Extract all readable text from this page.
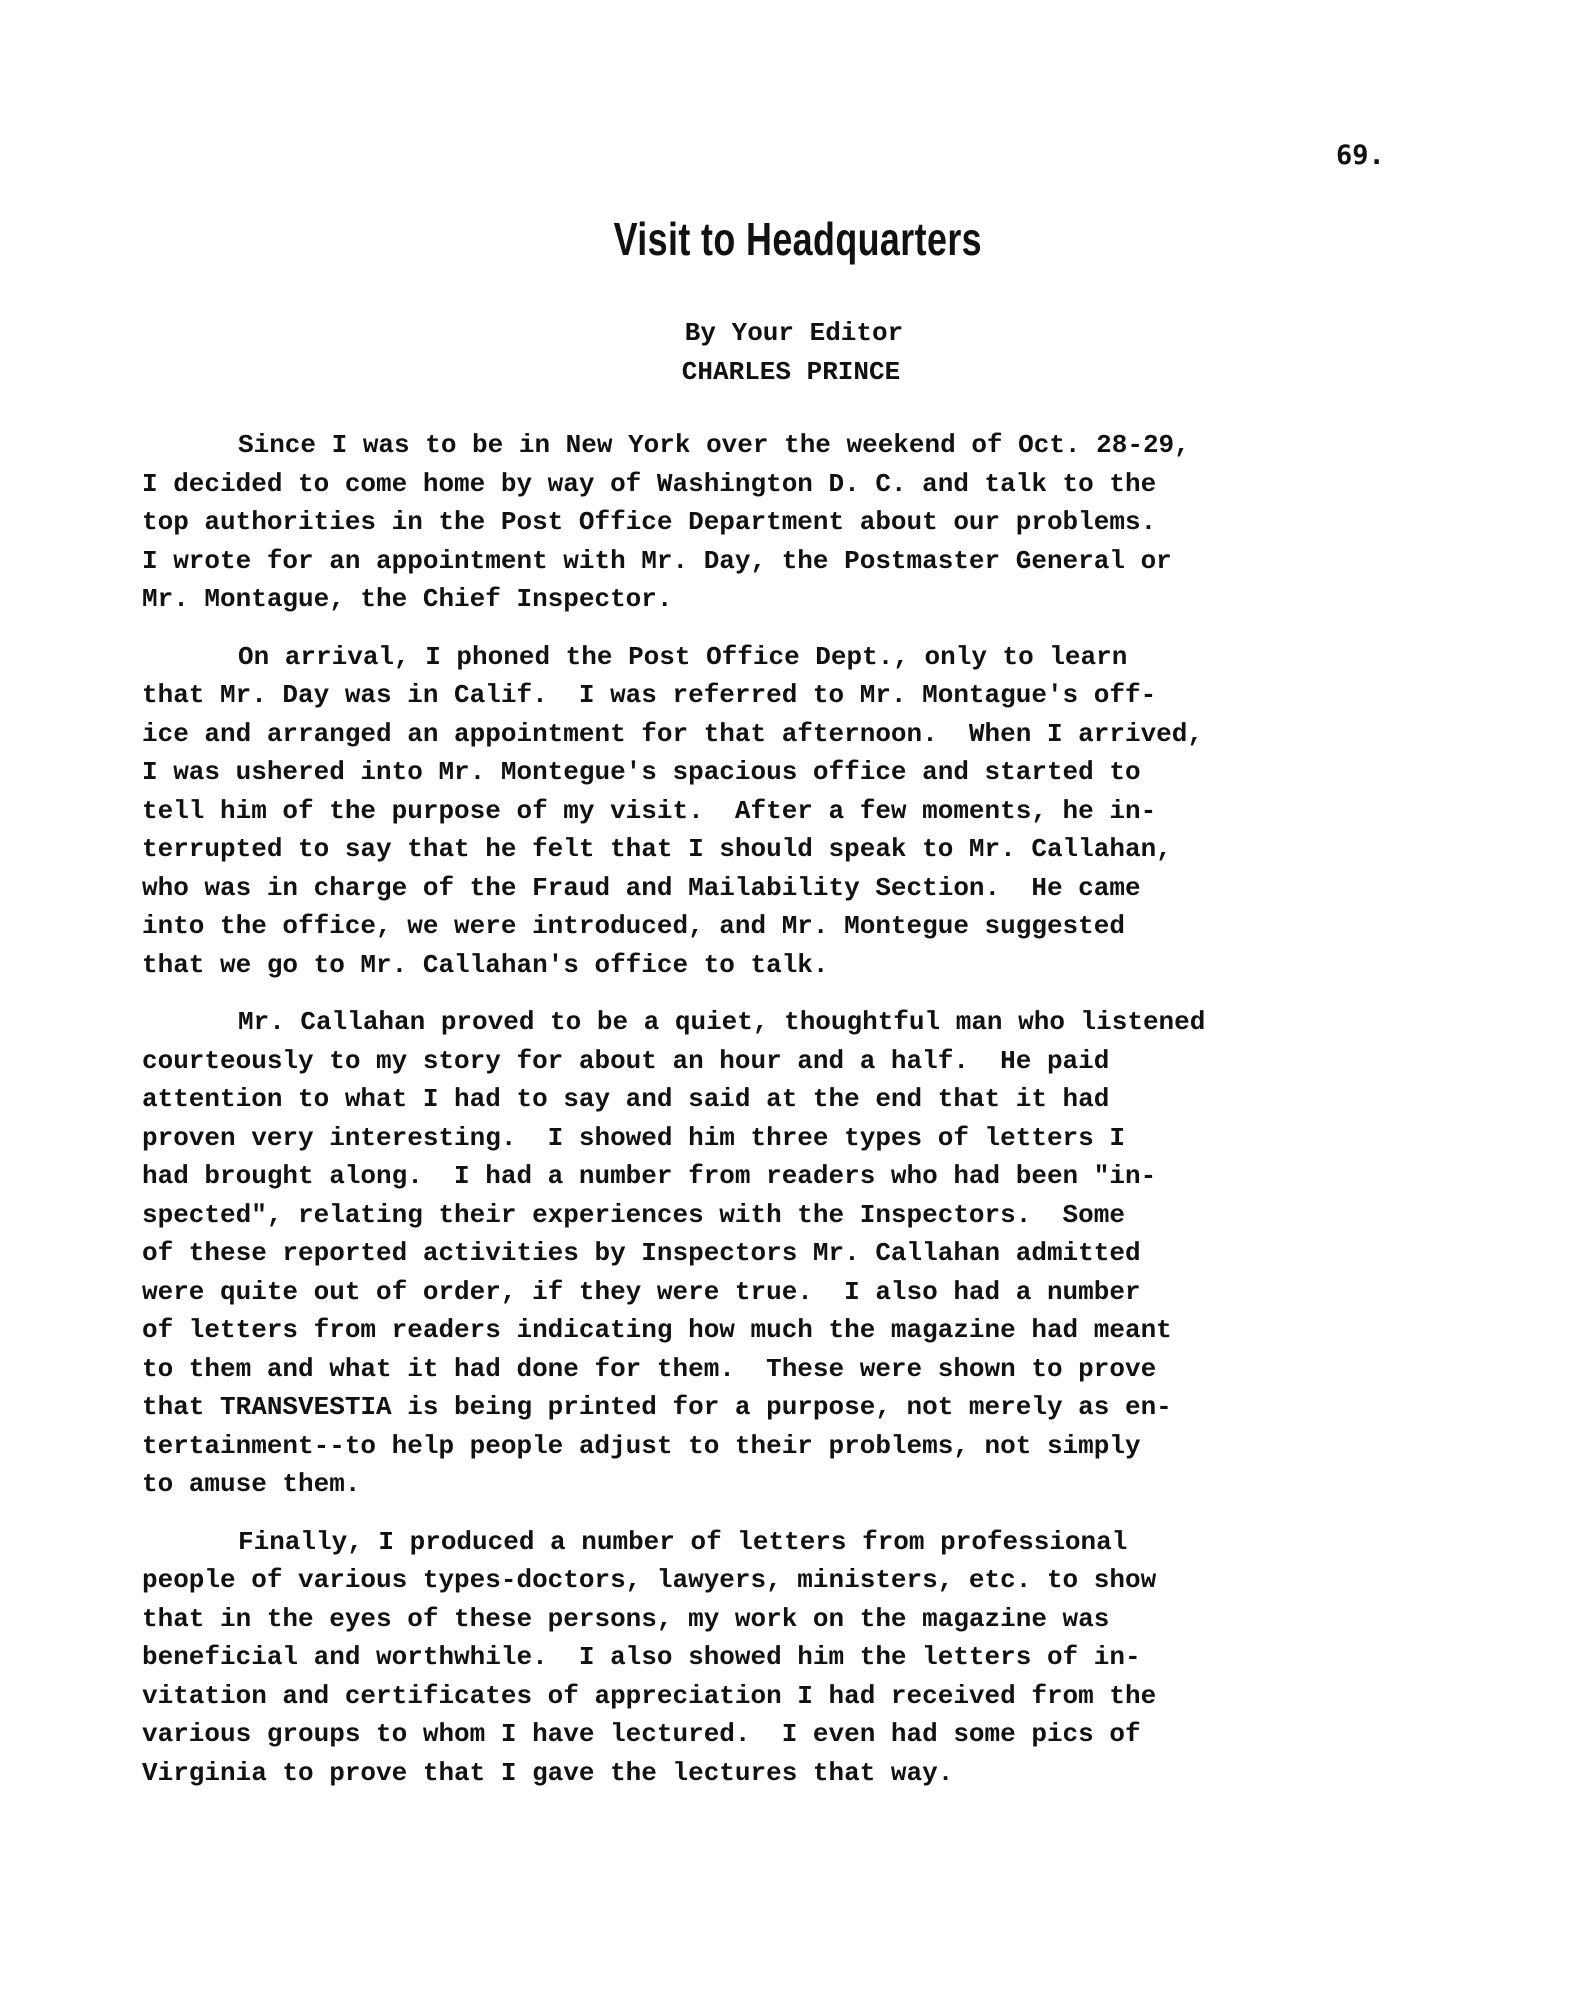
69.
Visit to Headquarters
By Your Editor
CHARLES PRINCE
Since I was to be in New York over the weekend of Oct. 28-29,
I decided to come home by way of Washington D. C. and talk to the
top authorities in the Post Office Department about our problems.
I wrote for an appointment with Mr. Day, the Postmaster General or
Mr. Montague, the Chief Inspector.
On arrival, I phoned the Post Office Dept., only to learn
that Mr. Day was in Calif.  I was referred to Mr. Montague's off-
ice and arranged an appointment for that afternoon.  When I arrived,
I was ushered into Mr. Montegue's spacious office and started to
tell him of the purpose of my visit.  After a few moments, he in-
terrupted to say that he felt that I should speak to Mr. Callahan,
who was in charge of the Fraud and Mailability Section.  He came
into the office, we were introduced, and Mr. Montegue suggested
that we go to Mr. Callahan's office to talk.
Mr. Callahan proved to be a quiet, thoughtful man who listened
courteously to my story for about an hour and a half.  He paid
attention to what I had to say and said at the end that it had
proven very interesting.  I showed him three types of letters I
had brought along.  I had a number from readers who had been "in-
spected", relating their experiences with the Inspectors.  Some
of these reported activities by Inspectors Mr. Callahan admitted
were quite out of order, if they were true.  I also had a number
of letters from readers indicating how much the magazine had meant
to them and what it had done for them.  These were shown to prove
that TRANSVESTIA is being printed for a purpose, not merely as en-
tertainment--to help people adjust to their problems, not simply
to amuse them.
Finally, I produced a number of letters from professional
people of various types-doctors, lawyers, ministers, etc. to show
that in the eyes of these persons, my work on the magazine was
beneficial and worthwhile.  I also showed him the letters of in-
vitation and certificates of appreciation I had received from the
various groups to whom I have lectured.  I even had some pics of
Virginia to prove that I gave the lectures that way.
